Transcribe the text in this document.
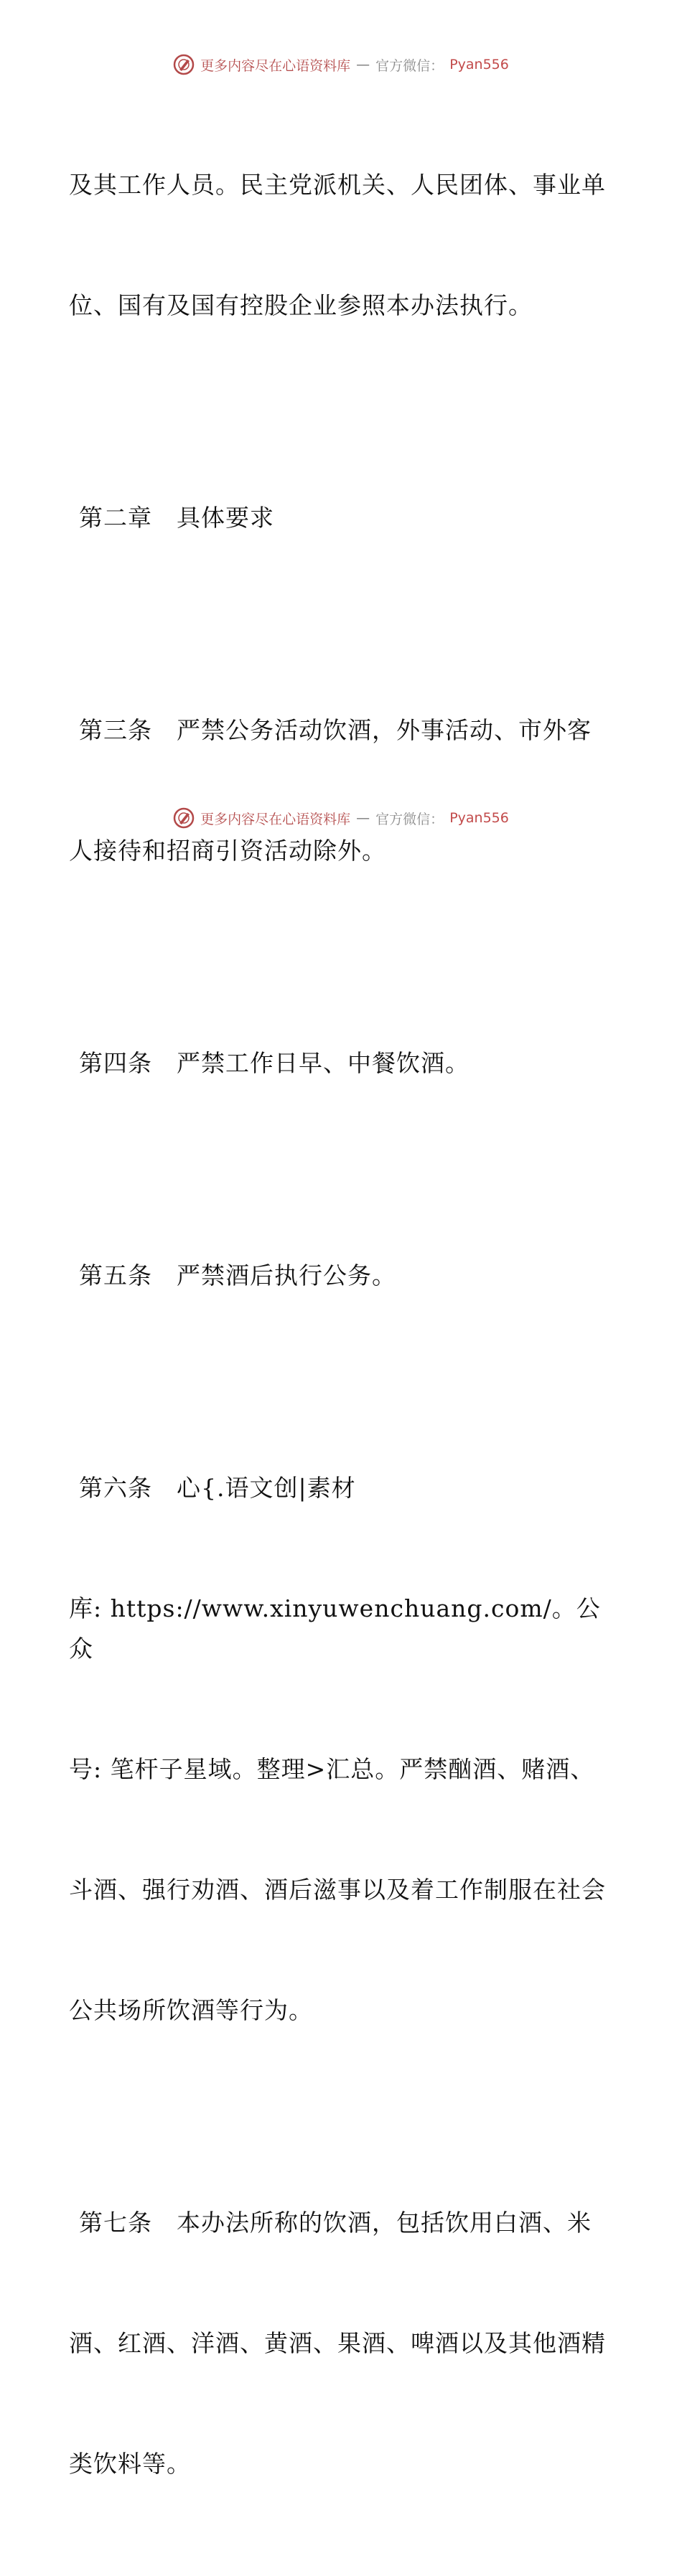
更多内容尽在心语资料库 — 官方微信： Pyan556

及其工作人员。民主党派机关、人民团体、事业单

位、国有及国有控股企业参照本办法执行。

第二章　具体要求

第三条　严禁公务活动饮酒，外事活动、市外客

人接待和招商引资活动除外。

第四条　严禁工作日早、中餐饮酒。

第五条　严禁酒后执行公务。

第六条　心{.语文创|素材

库: https://www.xinyuwenchuang.com/。公众

号: 笔杆子星域。整理>汇总。严禁酗酒、赌酒、

斗酒、强行劝酒、酒后滋事以及着工作制服在社会

公共场所饮酒等行为。

第七条　本办法所称的饮酒，包括饮用白酒、米

酒、红酒、洋酒、黄酒、果酒、啤酒以及其他酒精

类饮料等。

更多内容尽在心语资料库 — 官方微信： Pyan556
